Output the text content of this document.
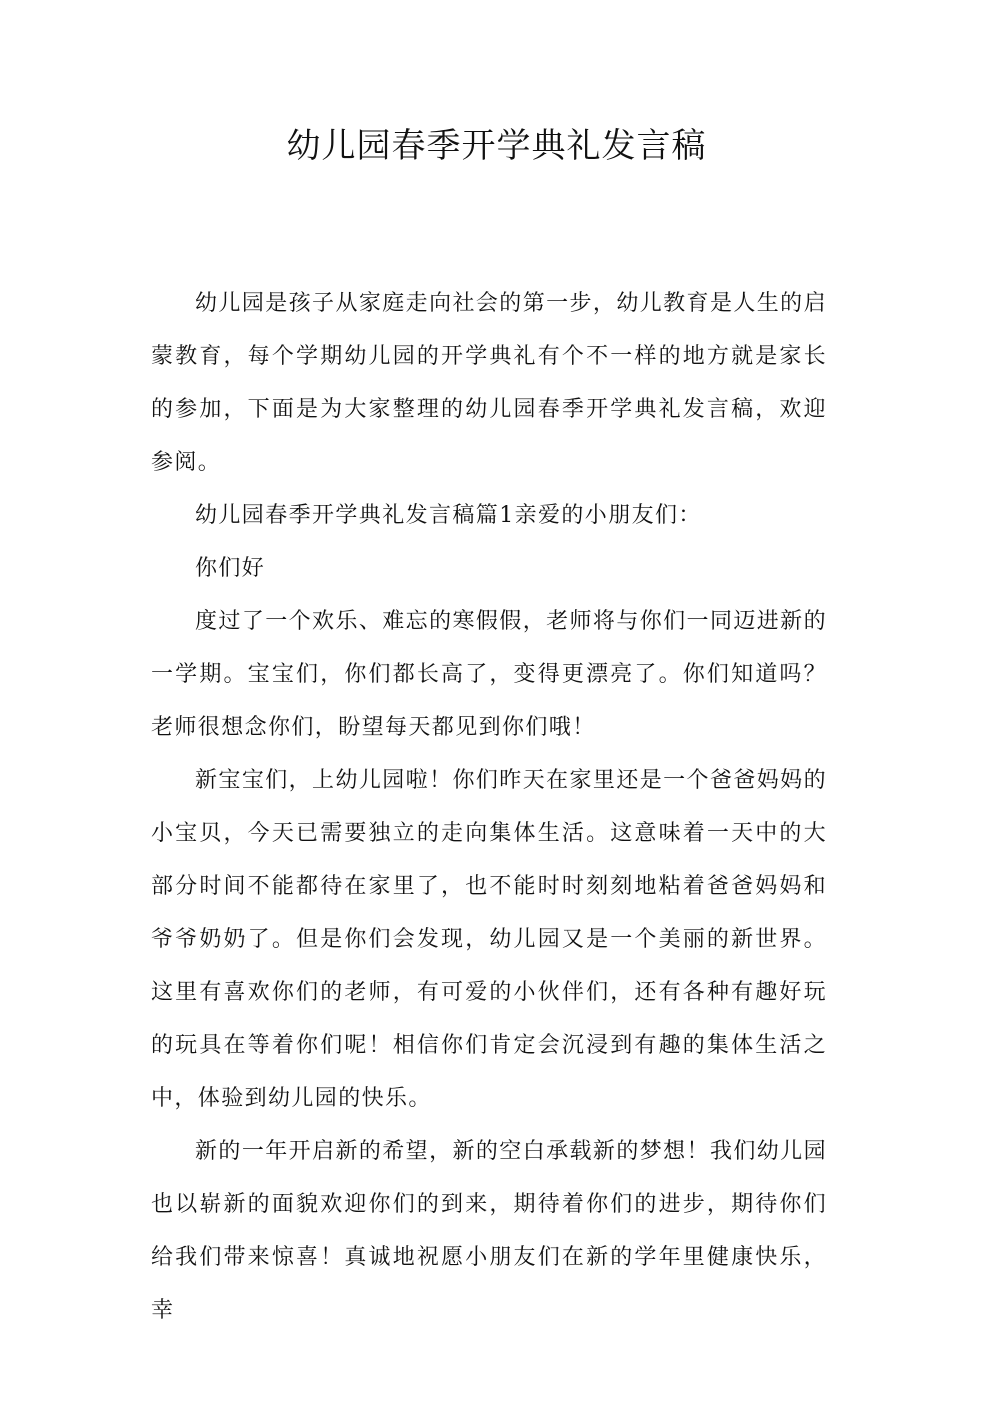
幼儿园春季开学典礼发言稿

幼儿园是孩子从家庭走向社会的第一步，幼儿教育是人生的启蒙教育，每个学期幼儿园的开学典礼有个不一样的地方就是家长的参加，下面是为大家整理的幼儿园春季开学典礼发言稿，欢迎参阅。

幼儿园春季开学典礼发言稿篇1亲爱的小朋友们：

你们好

度过了一个欢乐、难忘的寒假假，老师将与你们一同迈进新的一学期。宝宝们，你们都长高了，变得更漂亮了。你们知道吗？老师很想念你们，盼望每天都见到你们哦！

新宝宝们，上幼儿园啦！你们昨天在家里还是一个爸爸妈妈的小宝贝，今天已需要独立的走向集体生活。这意味着一天中的大部分时间不能都待在家里了，也不能时时刻刻地粘着爸爸妈妈和爷爷奶奶了。但是你们会发现，幼儿园又是一个美丽的新世界。这里有喜欢你们的老师，有可爱的小伙伴们，还有各种有趣好玩的玩具在等着你们呢！相信你们肯定会沉浸到有趣的集体生活之中，体验到幼儿园的快乐。

新的一年开启新的希望，新的空白承载新的梦想！我们幼儿园也以崭新的面貌欢迎你们的到来，期待着你们的进步，期待你们给我们带来惊喜！真诚地祝愿小朋友们在新的学年里健康快乐，幸
